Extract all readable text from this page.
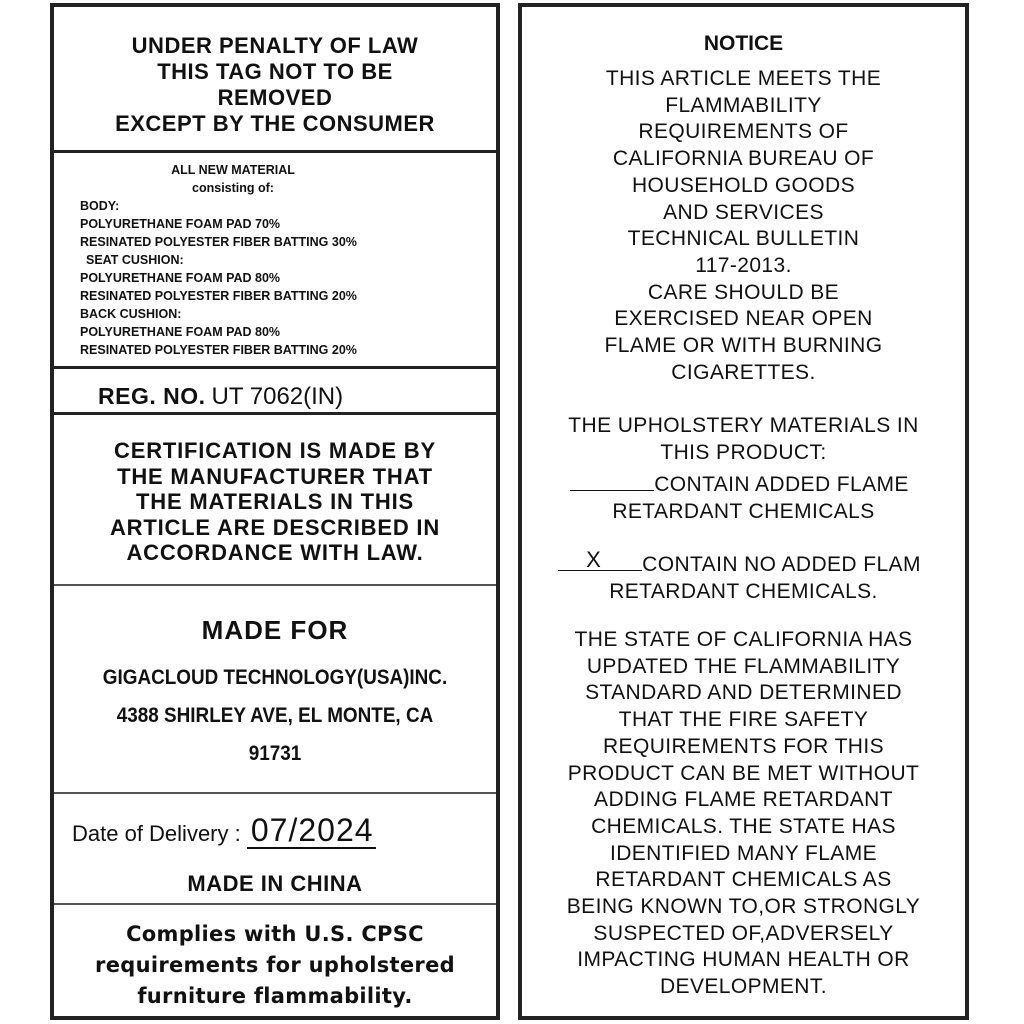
UNDER PENALTY OF LAW
THIS TAG NOT TO BE
REMOVED
EXCEPT BY THE CONSUMER
ALL NEW MATERIAL
consisting of:
BODY:
POLYURETHANE FOAM PAD 70%
RESINATED POLYESTER FIBER BATTING 30%
SEAT CUSHION:
POLYURETHANE FOAM PAD 80%
RESINATED POLYESTER FIBER BATTING 20%
BACK CUSHION:
POLYURETHANE FOAM PAD 80%
RESINATED POLYESTER FIBER BATTING 20%
REG. NO. UT 7062(IN)
CERTIFICATION IS MADE BY
THE MANUFACTURER THAT
THE MATERIALS IN THIS
ARTICLE ARE DESCRIBED IN
ACCORDANCE WITH LAW.
MADE FOR
GIGACLOUD TECHNOLOGY(USA)INC.
4388 SHIRLEY AVE, EL MONTE, CA
91731
Date of Delivery : 07/2024
MADE IN CHINA
Complies with U.S. CPSC
requirements for upholstered
furniture flammability.
NOTICE
THIS ARTICLE MEETS THE
FLAMMABILITY
REQUIREMENTS OF
CALIFORNIA BUREAU OF
HOUSEHOLD GOODS
AND SERVICES
TECHNICAL BULLETIN
117-2013.
CARE SHOULD BE
EXERCISED NEAR OPEN
FLAME OR WITH BURNING
CIGARETTES.
THE UPHOLSTERY MATERIALS IN
THIS PRODUCT:
CONTAIN ADDED FLAME
RETARDANT CHEMICALS
X CONTAIN NO ADDED FLAM
RETARDANT CHEMICALS.
THE STATE OF CALIFORNIA HAS
UPDATED THE FLAMMABILITY
STANDARD AND DETERMINED
THAT THE FIRE SAFETY
REQUIREMENTS FOR THIS
PRODUCT CAN BE MET WITHOUT
ADDING FLAME RETARDANT
CHEMICALS. THE STATE HAS
IDENTIFIED MANY FLAME
RETARDANT CHEMICALS AS
BEING KNOWN TO,OR STRONGLY
SUSPECTED OF,ADVERSELY
IMPACTING HUMAN HEALTH OR
DEVELOPMENT.
